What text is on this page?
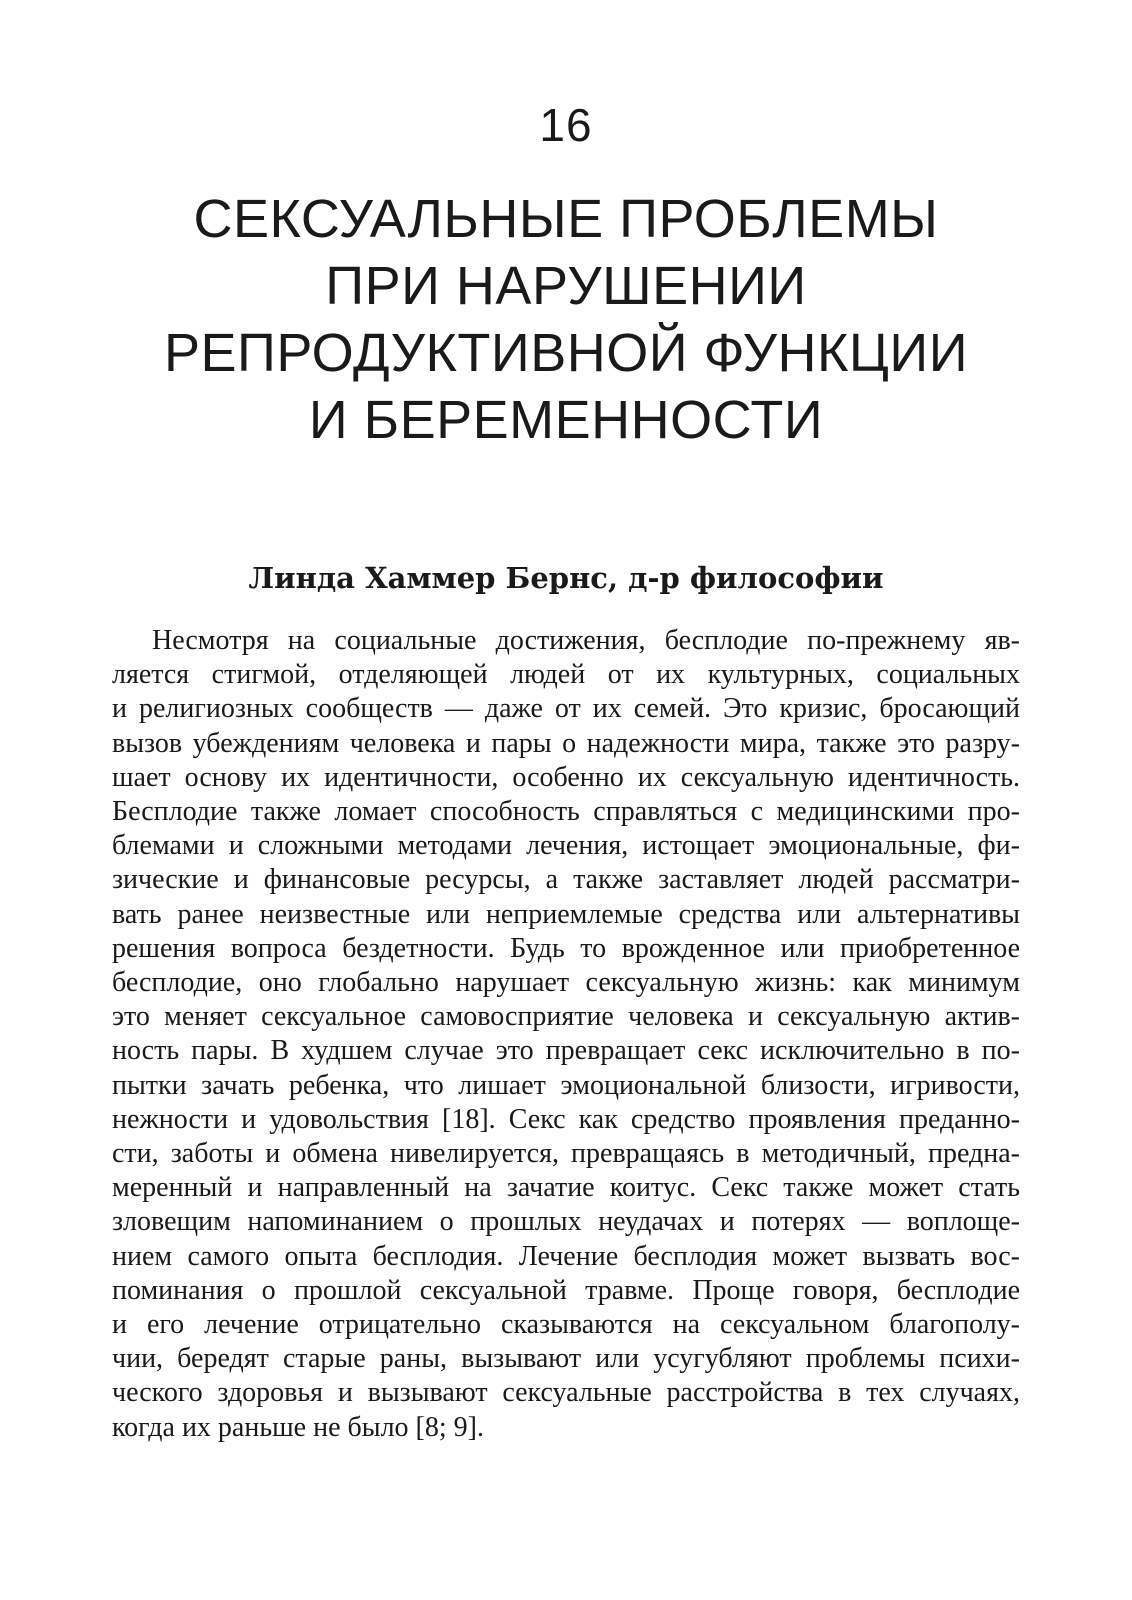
16
СЕКСУАЛЬНЫЕ ПРОБЛЕМЫ
ПРИ НАРУШЕНИИ
РЕПРОДУКТИВНОЙ ФУНКЦИИ
И БЕРЕМЕННОСТИ
Линда Хаммер Бернс, д-р философии

Несмотря на социальные достижения, бесплодие по-прежнему яв-
ляется стигмой, отделяющей людей от их культурных, социальных
и религиозных сообществ — даже от их семей. Это кризис, бросающий
вызов убеждениям человека и пары о надежности мира, также это разру-
шает основу их идентичности, особенно их сексуальную идентичность.
Бесплодие также ломает способность справляться с медицинскими про-
блемами и сложными методами лечения, истощает эмоциональные, фи-
зические и финансовые ресурсы, а также заставляет людей рассматри-
вать ранее неизвестные или неприемлемые средства или альтернативы
решения вопроса бездетности. Будь то врожденное или приобретенное
бесплодие, оно глобально нарушает сексуальную жизнь: как минимум
это меняет сексуальное самовосприятие человека и сексуальную актив-
ность пары. В худшем случае это превращает секс исключительно в по-
пытки зачать ребенка, что лишает эмоциональной близости, игривости,
нежности и удовольствия [18]. Секс как средство проявления преданно-
сти, заботы и обмена нивелируется, превращаясь в методичный, предна-
меренный и направленный на зачатие коитус. Секс также может стать
зловещим напоминанием о прошлых неудачах и потерях — воплоще-
нием самого опыта бесплодия. Лечение бесплодия может вызвать вос-
поминания о прошлой сексуальной травме. Проще говоря, бесплодие
и его лечение отрицательно сказываются на сексуальном благополу-
чии, бередят старые раны, вызывают или усугубляют проблемы психи-
ческого здоровья и вызывают сексуальные расстройства в тех случаях,
когда их раньше не было [8; 9].
